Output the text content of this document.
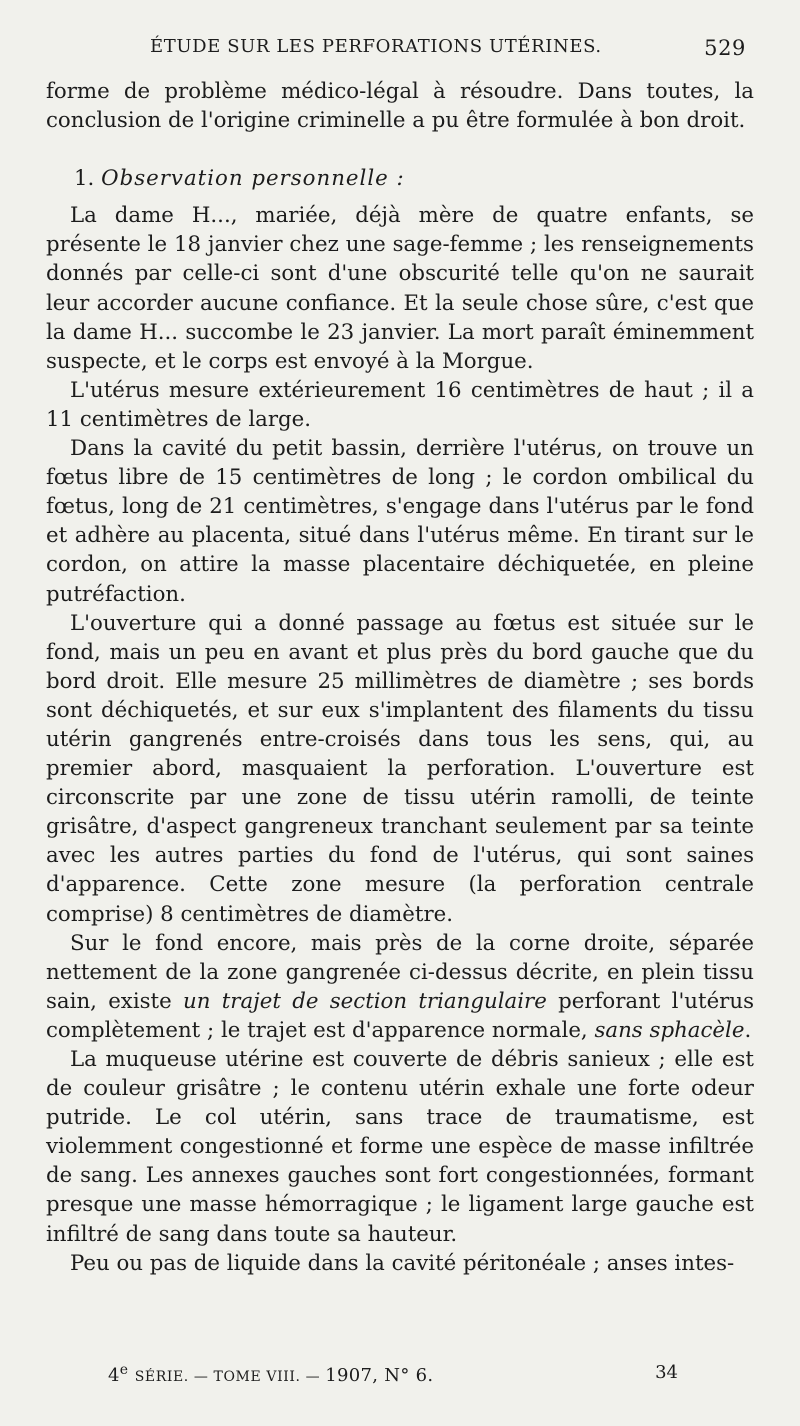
ÉTUDE SUR LES PERFORATIONS UTÉRINES.	529

forme de problème médico-légal à résoudre. Dans toutes, la conclusion de l'origine criminelle a pu être formulée à bon droit.

1. Observation personnelle :

La dame H..., mariée, déjà mère de quatre enfants, se présente le 18 janvier chez une sage-femme ; les renseignements donnés par celle-ci sont d'une obscurité telle qu'on ne saurait leur accorder aucune confiance. Et la seule chose sûre, c'est que la dame H... succombe le 23 janvier. La mort paraît éminemment suspecte, et le corps est envoyé à la Morgue.

L'utérus mesure extérieurement 16 centimètres de haut ; il a 11 centimètres de large.

Dans la cavité du petit bassin, derrière l'utérus, on trouve un fœtus libre de 15 centimètres de long ; le cordon ombilical du fœtus, long de 21 centimètres, s'engage dans l'utérus par le fond et adhère au placenta, situé dans l'utérus même. En tirant sur le cordon, on attire la masse placentaire déchiquetée, en pleine putréfaction.

L'ouverture qui a donné passage au fœtus est située sur le fond, mais un peu en avant et plus près du bord gauche que du bord droit. Elle mesure 25 millimètres de diamètre ; ses bords sont déchiquetés, et sur eux s'implantent des filaments du tissu utérin gangrenés entre-croisés dans tous les sens, qui, au premier abord, masquaient la perforation. L'ouverture est circonscrite par une zone de tissu utérin ramolli, de teinte grisâtre, d'aspect gangreneux tranchant seulement par sa teinte avec les autres parties du fond de l'utérus, qui sont saines d'apparence. Cette zone mesure (la perforation centrale comprise) 8 centimètres de diamètre.

Sur le fond encore, mais près de la corne droite, séparée nettement de la zone gangrenée ci-dessus décrite, en plein tissu sain, existe un trajet de section triangulaire perforant l'utérus complètement ; le trajet est d'apparence normale, sans sphacèle.

La muqueuse utérine est couverte de débris sanieux ; elle est de couleur grisâtre ; le contenu utérin exhale une forte odeur putride. Le col utérin, sans trace de traumatisme, est violemment congestionné et forme une espèce de masse infiltrée de sang. Les annexes gauches sont fort congestionnées, formant presque une masse hémorragique ; le ligament large gauche est infiltré de sang dans toute sa hauteur.

Peu ou pas de liquide dans la cavité péritonéale ; anses intes-

4e SÉRIE. — TOME VIII. — 1907, N° 6.	34
